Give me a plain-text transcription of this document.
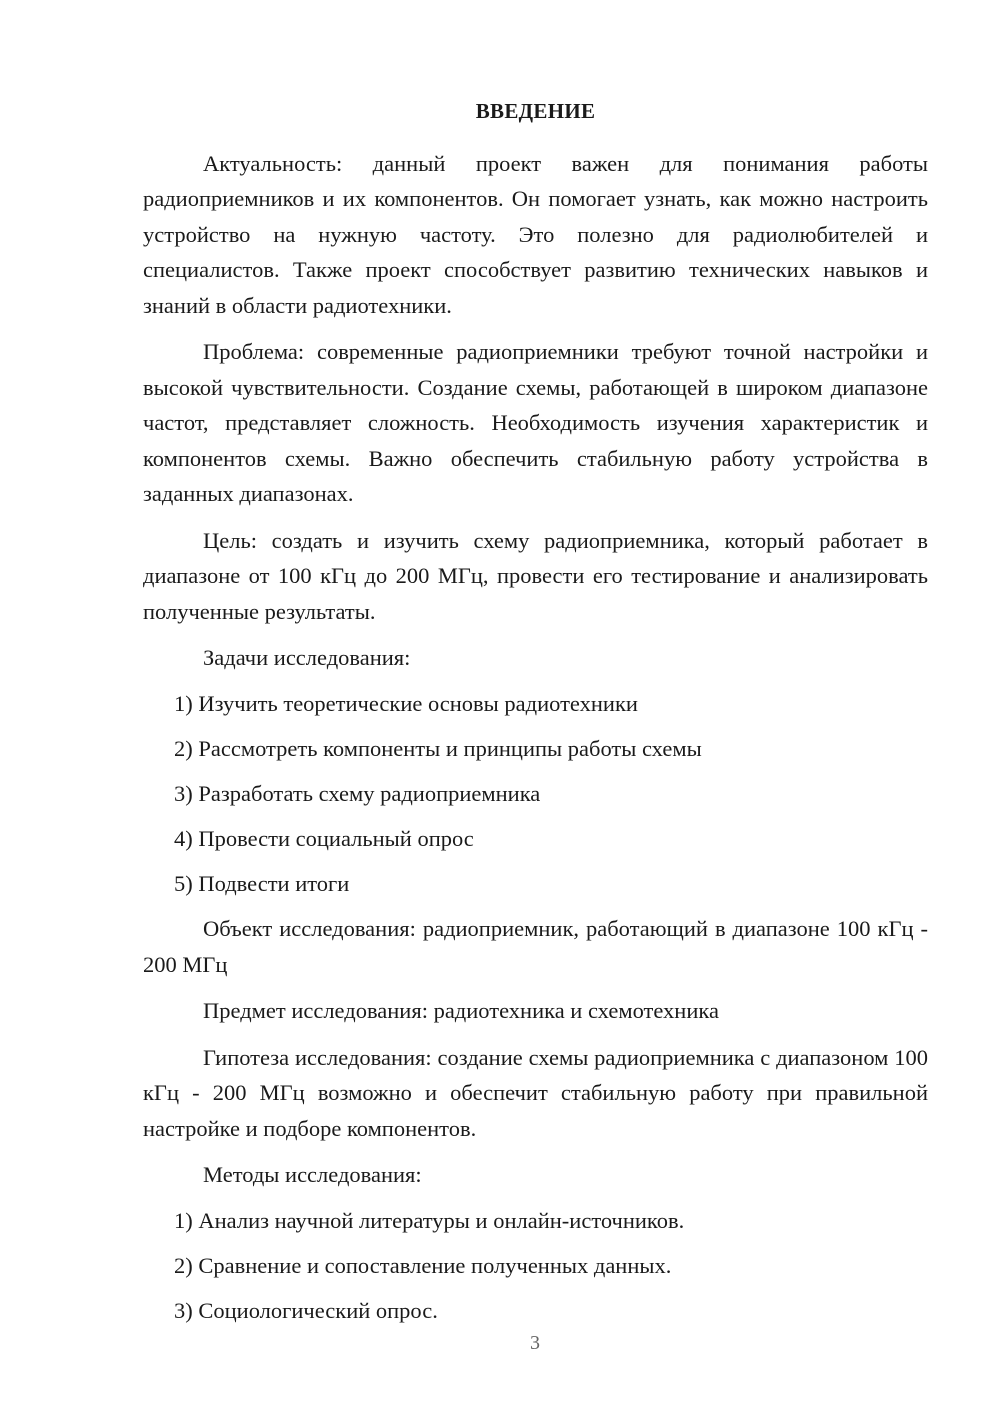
ВВЕДЕНИЕ

Актуальность: данный проект важен для понимания работы радиоприемников и их компонентов. Он помогает узнать, как можно настроить устройство на нужную частоту. Это полезно для радиолюбителей и специалистов. Также проект способствует развитию технических навыков и знаний в области радиотехники.

Проблема: современные радиоприемники требуют точной настройки и высокой чувствительности. Создание схемы, работающей в широком диапазоне частот, представляет сложность. Необходимость изучения характеристик и компонентов схемы. Важно обеспечить стабильную работу устройства в заданных диапазонах.

Цель: создать и изучить схему радиоприемника, который работает в диапазоне от 100 кГц до 200 МГц, провести его тестирование и анализировать полученные результаты.

Задачи исследования:

1) Изучить теоретические основы радиотехники
2) Рассмотреть компоненты и принципы работы схемы
3) Разработать схему радиоприемника
4) Провести социальный опрос
5) Подвести итоги

Объект исследования: радиоприемник, работающий в диапазоне 100 кГц - 200 МГц

Предмет исследования: радиотехника и схемотехника

Гипотеза исследования: создание схемы радиоприемника с диапазоном 100 кГц - 200 МГц возможно и обеспечит стабильную работу при правильной настройке и подборе компонентов.

Методы исследования:

1) Анализ научной литературы и онлайн-источников.
2) Сравнение и сопоставление полученных данных.
3) Социологический опрос.
3
